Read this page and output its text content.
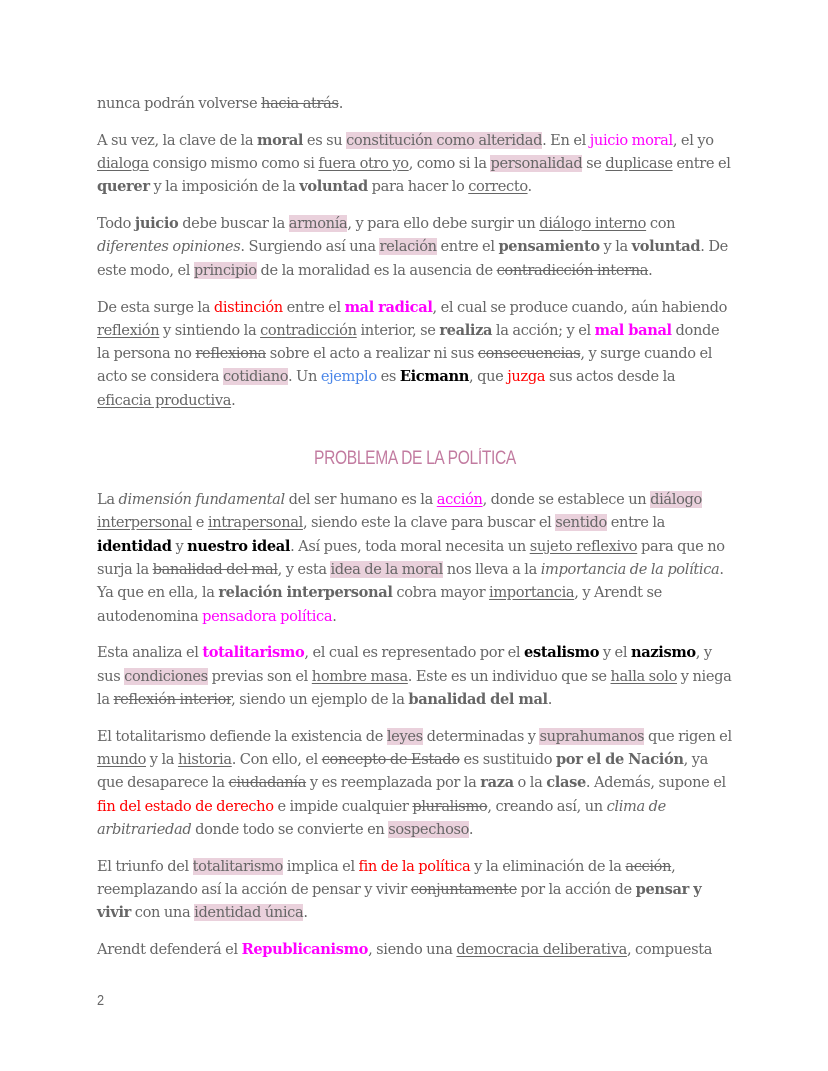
nunca podrán volverse hacia atrás.

A su vez, la clave de la moral es su constitución como alteridad. En el juicio moral, el yo dialoga consigo mismo como si fuera otro yo, como si la personalidad se duplicase entre el querer y la imposición de la voluntad para hacer lo correcto.

Todo juicio debe buscar la armonía, y para ello debe surgir un diálogo interno con diferentes opiniones. Surgiendo así una relación entre el pensamiento y la voluntad. De este modo, el principio de la moralidad es la ausencia de contradicción interna.

De esta surge la distinción entre el mal radical, el cual se produce cuando, aún habiendo reflexión y sintiendo la contradicción interior, se realiza la acción; y el mal banal donde la persona no reflexiona sobre el acto a realizar ni sus consecuencias, y surge cuando el acto se considera cotidiano. Un ejemplo es Eicmann, que juzga sus actos desde la eficacia productiva.

PROBLEMA DE LA POLÍTICA

La dimensión fundamental del ser humano es la acción, donde se establece un diálogo interpersonal e intrapersonal, siendo este la clave para buscar el sentido entre la identidad y nuestro ideal. Así pues, toda moral necesita un sujeto reflexivo para que no surja la banalidad del mal, y esta idea de la moral nos lleva a la importancia de la política. Ya que en ella, la relación interpersonal cobra mayor importancia, y Arendt se autodenomina pensadora política.

Esta analiza el totalitarismo, el cual es representado por el estalismo y el nazismo, y sus condiciones previas son el hombre masa. Este es un individuo que se halla solo y niega la reflexión interior, siendo un ejemplo de la banalidad del mal.

El totalitarismo defiende la existencia de leyes determinadas y suprahumanos que rigen el mundo y la historia. Con ello, el concepto de Estado es sustituido por el de Nación, ya que desaparece la ciudadanía y es reemplazada por la raza o la clase. Además, supone el fin del estado de derecho e impide cualquier pluralismo, creando así, un clima de arbitrariedad donde todo se convierte en sospechoso.

El triunfo del totalitarismo implica el fin de la política y la eliminación de la acción, reemplazando así la acción de pensar y vivir conjuntamente por la acción de pensar y vivir con una identidad única.

Arendt defenderá el Republicanismo, siendo una democracia deliberativa, compuesta

2
